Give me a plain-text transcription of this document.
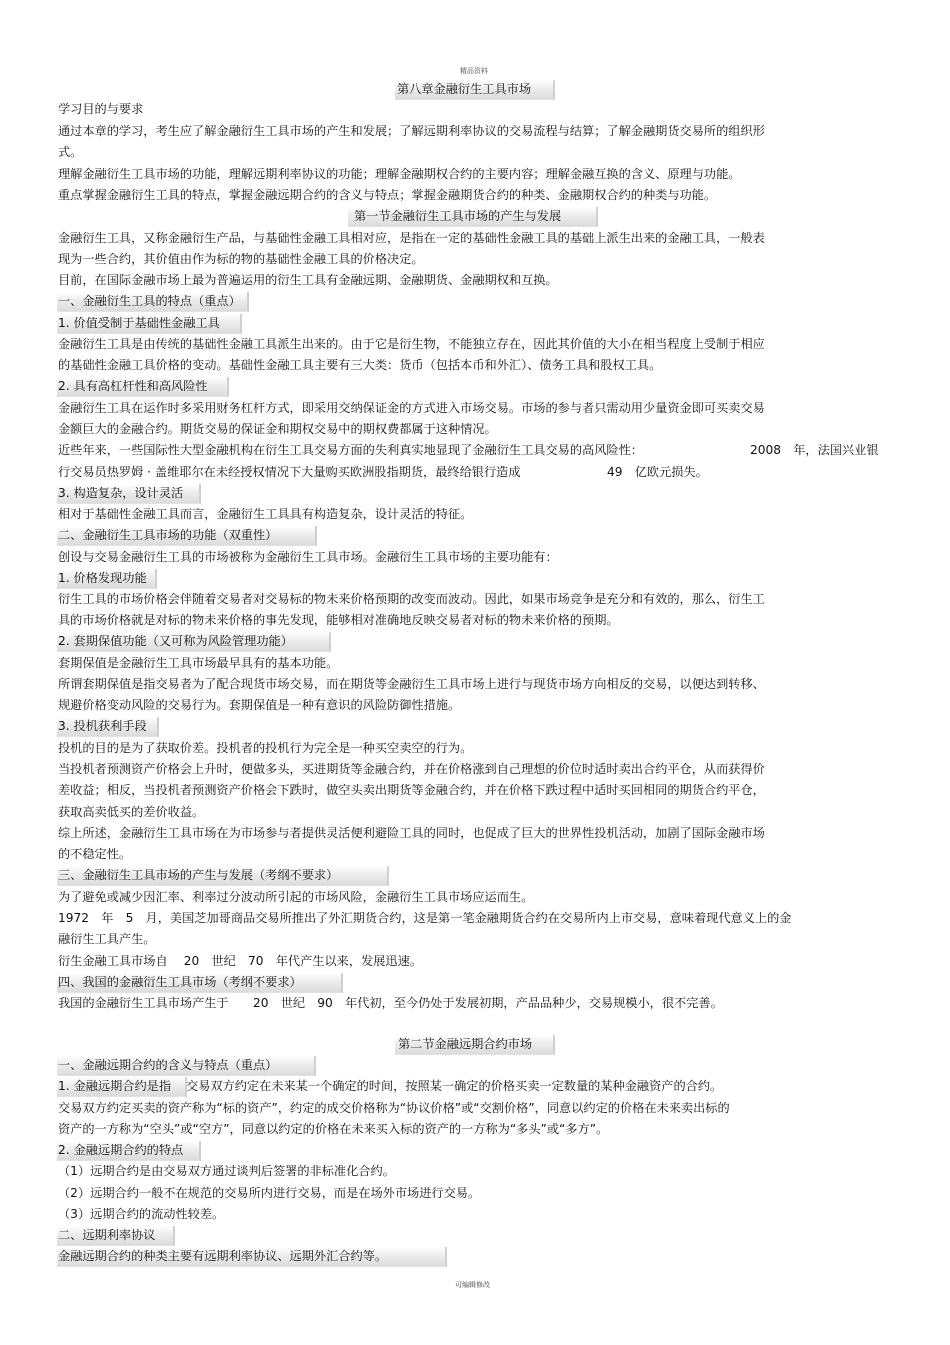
精品资料
第八章金融衍生工具市场
学习目的与要求
通过本章的学习，考生应了解金融衍生工具市场的产生和发展；了解远期利率协议的交易流程与结算；了解金融期货交易所的组织形
式。
理解金融衍生工具市场的功能，理解远期利率协议的功能；理解金融期权合约的主要内容；理解金融互换的含义、原理与功能。
重点掌握金融衍生工具的特点，掌握金融远期合约的含义与特点；掌握金融期货合约的种类、金融期权合约的种类与功能。
第一节金融衍生工具市场的产生与发展
金融衍生工具，又称金融衍生产品，与基础性金融工具相对应，是指在一定的基础性金融工具的基础上派生出来的金融工具，一般表
现为一些合约，其价值由作为标的物的基础性金融工具的价格决定。
目前，在国际金融市场上最为普遍运用的衍生工具有金融远期、金融期货、金融期权和互换。
一、金融衍生工具的特点（重点）
1. 价值受制于基础性金融工具
金融衍生工具是由传统的基础性金融工具派生出来的。由于它是衍生物，不能独立存在，因此其价值的大小在相当程度上受制于相应
的基础性金融工具价格的变动。基础性金融工具主要有三大类：货币（包括本币和外汇）、债务工具和股权工具。
2. 具有高杠杆性和高风险性
金融衍生工具在运作时多采用财务杠杆方式，即采用交纳保证金的方式进入市场交易。市场的参与者只需动用少量资金即可买卖交易
金额巨大的金融合约。期货交易的保证金和期权交易中的期权费都属于这种情况。
近些年来，一些国际性大型金融机构在衍生工具交易方面的失利真实地显现了金融衍生工具交易的高风险性：	2008　年，法国兴业银
行交易员热罗姆 · 盖维耶尔在未经授权情况下大量购买欧洲股指期货，最终给银行造成	49　亿欧元损失。
3. 构造复杂，设计灵活
相对于基础性金融工具而言，金融衍生工具具有构造复杂，设计灵活的特征。
二、金融衍生工具市场的功能（双重性）
创设与交易金融衍生工具的市场被称为金融衍生工具市场。金融衍生工具市场的主要功能有：
1. 价格发现功能
衍生工具的市场价格会伴随着交易者对交易标的物未来价格预期的改变而波动。因此，如果市场竞争是充分和有效的，那么，衍生工
具的市场价格就是对标的物未来价格的事先发现，能够相对准确地反映交易者对标的物未来价格的预期。
2. 套期保值功能（又可称为风险管理功能）
套期保值是金融衍生工具市场最早具有的基本功能。
所谓套期保值是指交易者为了配合现货市场交易，而在期货等金融衍生工具市场上进行与现货市场方向相反的交易，以便达到转移、
规避价格变动风险的交易行为。套期保值是一种有意识的风险防御性措施。
3. 投机获利手段
投机的目的是为了获取价差。投机者的投机行为完全是一种买空卖空的行为。
当投机者预测资产价格会上升时，便做多头，买进期货等金融合约，并在价格涨到自己理想的价位时适时卖出合约平仓，从而获得价
差收益；相反，当投机者预测资产价格会下跌时，做空头卖出期货等金融合约，并在价格下跌过程中适时买回相同的期货合约平仓，
获取高卖低买的差价收益。
综上所述，金融衍生工具市场在为市场参与者提供灵活便利避险工具的同时，也促成了巨大的世界性投机活动，加剧了国际金融市场
的不稳定性。
三、金融衍生工具市场的产生与发展（考纲不要求）
为了避免或减少因汇率、利率过分波动所引起的市场风险，金融衍生工具市场应运而生。
1972　年　5　月，美国芝加哥商品交易所推出了外汇期货合约，这是第一笔金融期货合约在交易所内上市交易，意味着现代意义上的金
融衍生工具产生。
衍生金融工具市场自　 20　世纪　70　年代产生以来，发展迅速。
四、我国的金融衍生工具市场（考纲不要求）
我国的金融衍生工具市场产生于　　20　世纪　90　年代初，至今仍处于发展初期，产品品种少，交易规模小，很不完善。
第二节金融远期合约市场
一、金融远期合约的含义与特点（重点）
1. 金融远期合约是指 交易双方约定在未来某一个确定的时间，按照某一确定的价格买卖一定数量的某种金融资产的合约。
交易双方约定买卖的资产称为“标的资产”，约定的成交价格称为“协议价格”或“交割价格”，同意以约定的价格在未来卖出标的
资产的一方称为“空头”或“空方”，同意以约定的价格在未来买入标的资产的一方称为“多头”或“多方”。
2. 金融远期合约的特点
（1）远期合约是由交易双方通过谈判后签署的非标准化合约。
（2）远期合约一般不在规范的交易所内进行交易，而是在场外市场进行交易。
（3）远期合约的流动性较差。
二、远期利率协议
金融远期合约的种类主要有远期利率协议、远期外汇合约等。
可编辑修改
